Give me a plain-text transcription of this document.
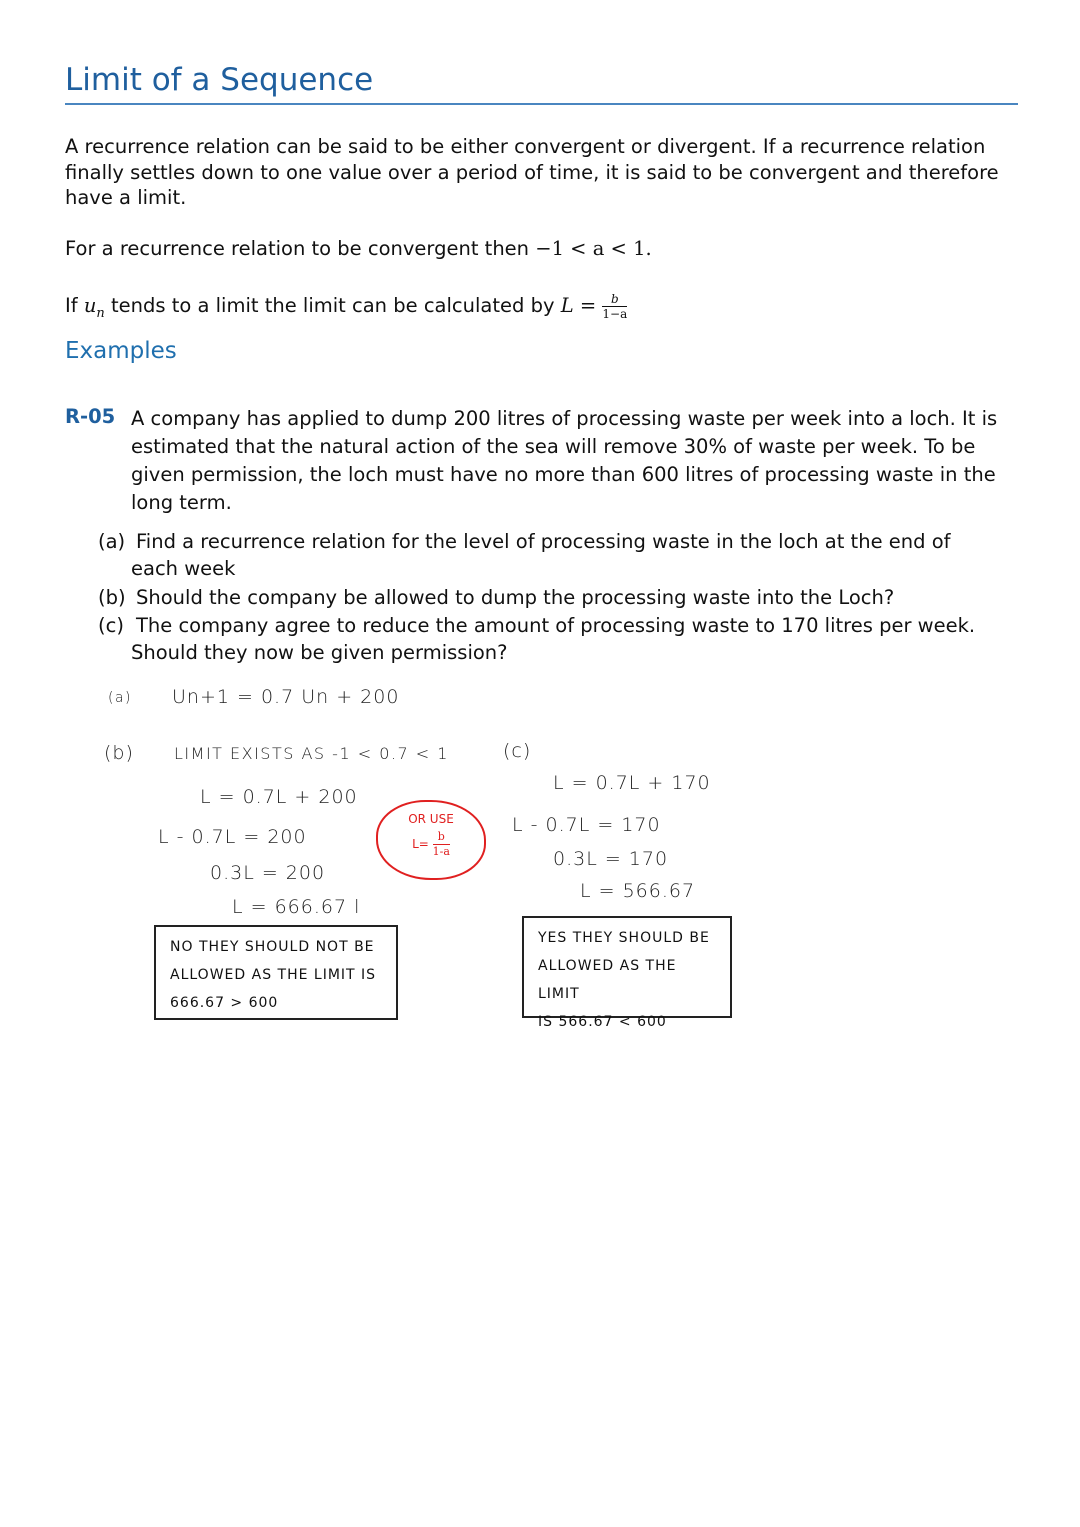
Limit of a Sequence
A recurrence relation can be said to be either convergent or divergent. If a recurrence relation finally settles down to one value over a period of time, it is said to be convergent and therefore have a limit.
For a recurrence relation to be convergent then −1 < a < 1.
If $u_n$ tends to a limit the limit can be calculated by $L = \frac{b}{1-a}$
Examples
R-05 A company has applied to dump 200 litres of processing waste per week into a loch. It is estimated that the natural action of the sea will remove 30% of waste per week. To be given permission, the loch must have no more than 600 litres of processing waste in the long term.
(a) Find a recurrence relation for the level of processing waste in the loch at the end of
each week
(b) Should the company be allowed to dump the processing waste into the Loch?
(c) The company agree to reduce the amount of processing waste to 170 litres per week.
Should they now be given permission?
(a) Un+1 = 0.7 Un + 200
(b)	LIMIT EXISTS AS -1 < 0.7 < 1
L = 0.7L + 200
L - 0.7L = 200
0.3L = 200
L = 666.67 l
NO THEY SHOULD NOT BE
ALLOWED AS THE LIMIT IS
666.67 > 600
OR USE
$L= \frac{b}{1-a}$
(c)
L = 0.7L + 170
L - 0.7L = 170
0.3L = 170
L = 566.67
YES THEY SHOULD BE
ALLOWED AS THE LIMIT
IS 566.67 < 600
